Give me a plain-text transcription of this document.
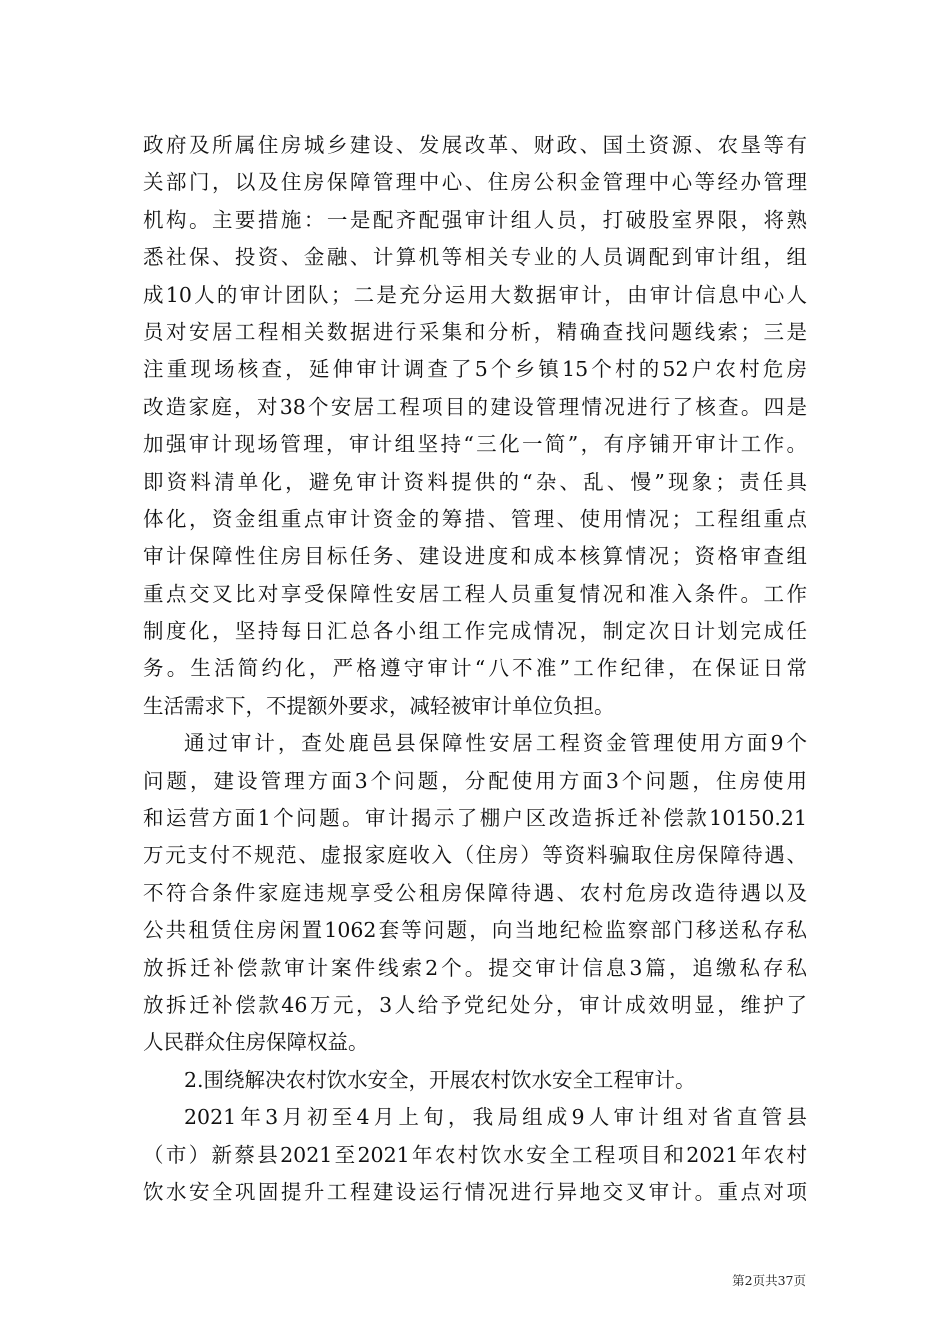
政府及所属住房城乡建设、发展改革、财政、国土资源、农垦等有
关部门，以及住房保障管理中心、住房公积金管理中心等经办管理
机构。主要措施：一是配齐配强审计组人员，打破股室界限，将熟
悉社保、投资、金融、计算机等相关专业的人员调配到审计组，组
成10人的审计团队；二是充分运用大数据审计，由审计信息中心人
员对安居工程相关数据进行采集和分析，精确查找问题线索；三是
注重现场核查，延伸审计调查了5个乡镇15个村的52户农村危房
改造家庭，对38个安居工程项目的建设管理情况进行了核查。四是
加强审计现场管理，审计组坚持“三化一简”，有序铺开审计工作。
即资料清单化，避免审计资料提供的“杂、乱、慢”现象；责任具
体化，资金组重点审计资金的筹措、管理、使用情况；工程组重点
审计保障性住房目标任务、建设进度和成本核算情况；资格审查组
重点交叉比对享受保障性安居工程人员重复情况和准入条件。工作
制度化，坚持每日汇总各小组工作完成情况，制定次日计划完成任
务。生活简约化，严格遵守审计“八不准”工作纪律，在保证日常
生活需求下，不提额外要求，减轻被审计单位负担。
通过审计，查处鹿邑县保障性安居工程资金管理使用方面9个
问题，建设管理方面3个问题，分配使用方面3个问题，住房使用
和运营方面1个问题。审计揭示了棚户区改造拆迁补偿款10150.21
万元支付不规范、虚报家庭收入（住房）等资料骗取住房保障待遇、
不符合条件家庭违规享受公租房保障待遇、农村危房改造待遇以及
公共租赁住房闲置1062套等问题，向当地纪检监察部门移送私存私
放拆迁补偿款审计案件线索2个。提交审计信息3篇，追缴私存私
放拆迁补偿款46万元，3人给予党纪处分，审计成效明显，维护了
人民群众住房保障权益。
2.围绕解决农村饮水安全，开展农村饮水安全工程审计。
2021年3月初至4月上旬，我局组成9人审计组对省直管县
（市）新蔡县2021至2021年农村饮水安全工程项目和2021年农村
饮水安全巩固提升工程建设运行情况进行异地交叉审计。重点对项
第2页共37页
